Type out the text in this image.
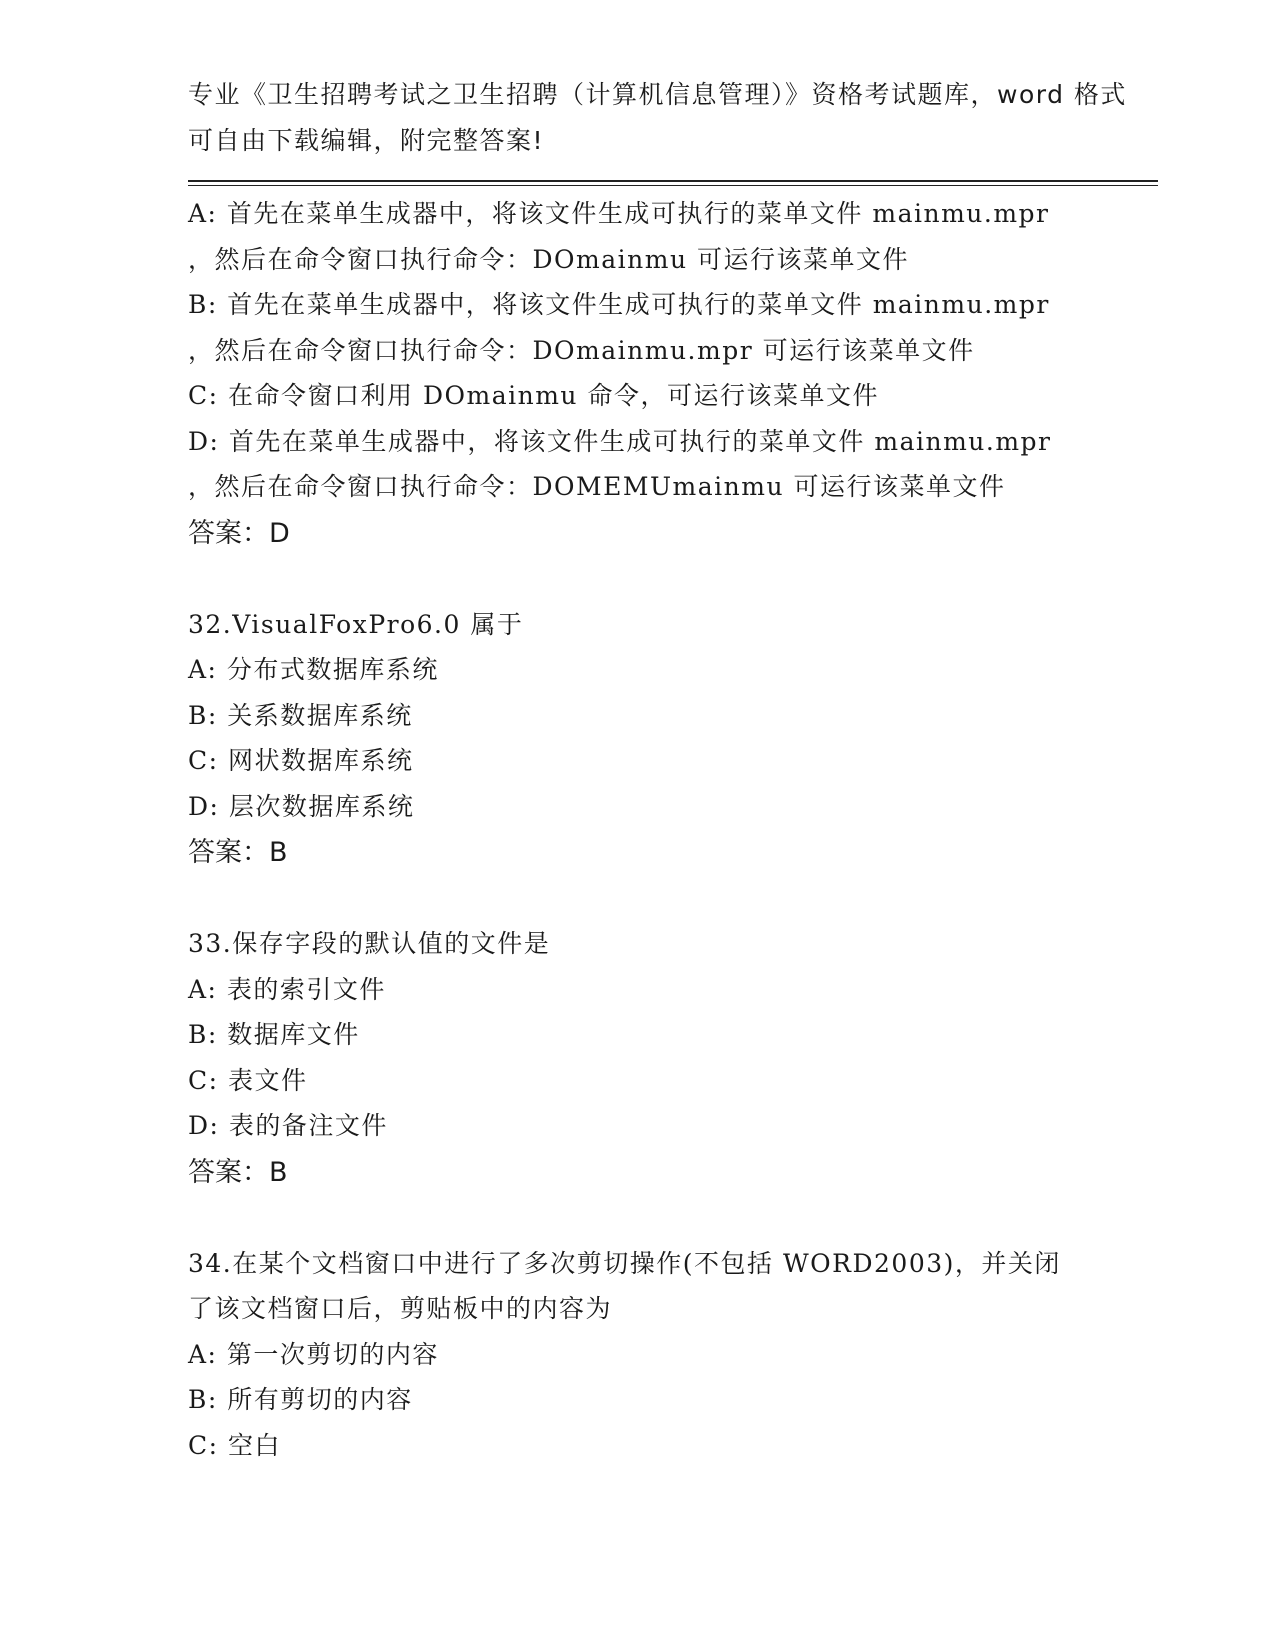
专业《卫生招聘考试之卫生招聘（计算机信息管理）》资格考试题库，word 格式
可自由下载编辑，附完整答案!
A: 首先在菜单生成器中，将该文件生成可执行的菜单文件 mainmu.mpr
，然后在命令窗口执行命令：DOmainmu 可运行该菜单文件
B: 首先在菜单生成器中，将该文件生成可执行的菜单文件 mainmu.mpr
，然后在命令窗口执行命令：DOmainmu.mpr 可运行该菜单文件
C: 在命令窗口利用 DOmainmu 命令，可运行该菜单文件
D: 首先在菜单生成器中，将该文件生成可执行的菜单文件 mainmu.mpr
，然后在命令窗口执行命令：DOMEMUmainmu 可运行该菜单文件
答案：D
32.VisualFoxPro6.0 属于
A: 分布式数据库系统
B: 关系数据库系统
C: 网状数据库系统
D: 层次数据库系统
答案：B
33.保存字段的默认值的文件是
A: 表的索引文件
B: 数据库文件
C: 表文件
D: 表的备注文件
答案：B
34.在某个文档窗口中进行了多次剪切操作(不包括 WORD2003)，并关闭
了该文档窗口后，剪贴板中的内容为
A: 第一次剪切的内容
B: 所有剪切的内容
C: 空白
